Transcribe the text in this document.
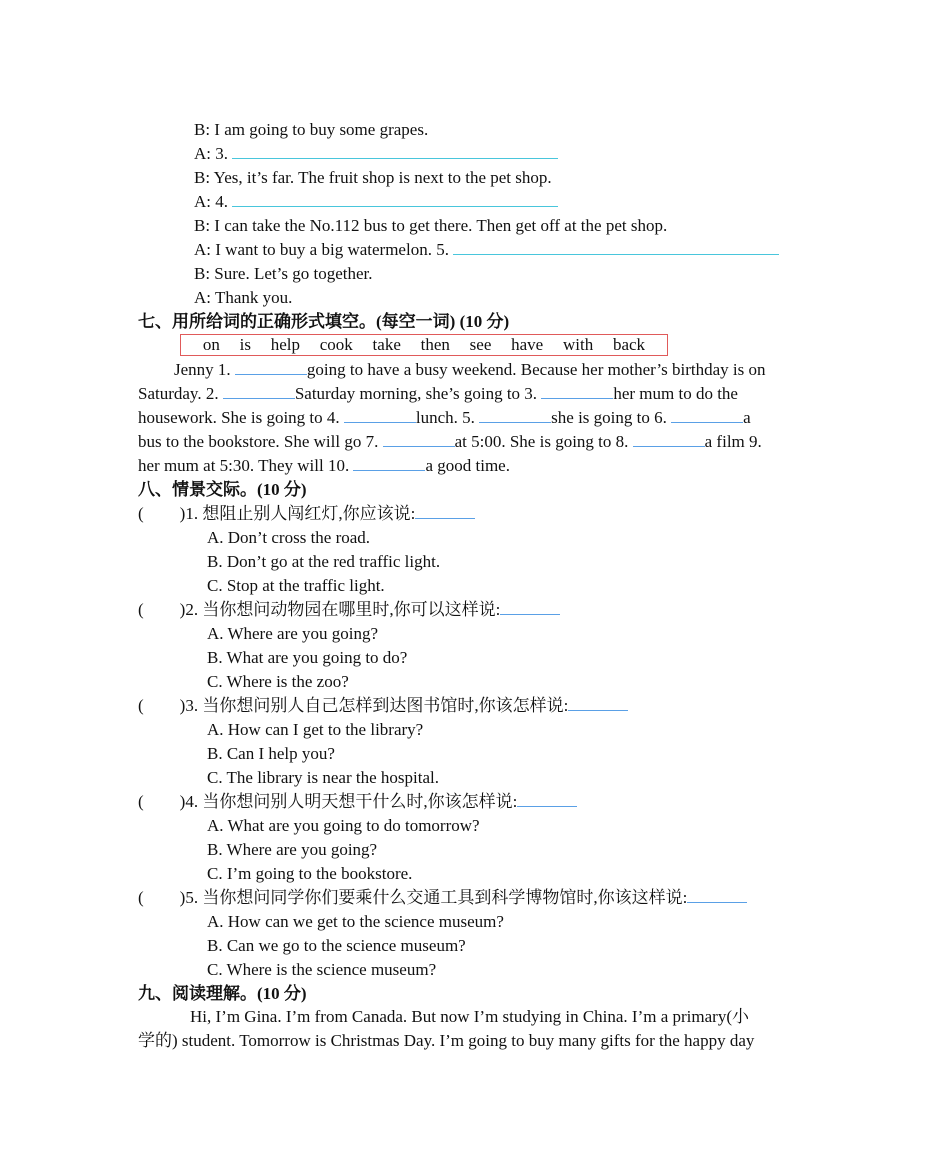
B: I am going to buy some grapes.
A: 3.
B: Yes, it’s far. The fruit shop is next to the pet shop.
A: 4.
B: I can take the No.112 bus to get there. Then get off at the pet shop.
A: I want to buy a big watermelon. 5.
B: Sure. Let’s go together.
A: Thank you.
七、用所给词的正确形式填空。(每空一词) (10 分)
on is help cook take then see have with back
Jenny 1.	going to have a busy weekend. Because her mother’s birthday is on
Saturday. 2.	Saturday morning, she’s going to 3.	her mum to do the
housework. She is going to 4.	lunch. 5.	she is going to 6.	a
bus to the bookstore. She will go 7.	at 5:00. She is going to 8.	a film 9.
her mum at 5:30. They will 10.	a good time.
八、情景交际。(10 分)
( )1. 想阻止别人闯红灯,你应该说:
A. Don’t cross the road.
B. Don’t go at the red traffic light.
C. Stop at the traffic light.
( )2. 当你想问动物园在哪里时,你可以这样说:
A. Where are you going?
B. What are you going to do?
C. Where is the zoo?
( )3. 当你想问别人自己怎样到达图书馆时,你该怎样说:
A. How can I get to the library?
B. Can I help you?
C. The library is near the hospital.
( )4. 当你想问别人明天想干什么时,你该怎样说:
A. What are you going to do tomorrow?
B. Where are you going?
C. I’m going to the bookstore.
( )5. 当你想问同学你们要乘什么交通工具到科学博物馆时,你该这样说:
A. How can we get to the science museum?
B. Can we go to the science museum?
C. Where is the science museum?
九、阅读理解。(10 分)
Hi, I’m Gina. I’m from Canada. But now I’m studying in China. I’m a primary(小
学的) student. Tomorrow is Christmas Day. I’m going to buy many gifts for the happy day
